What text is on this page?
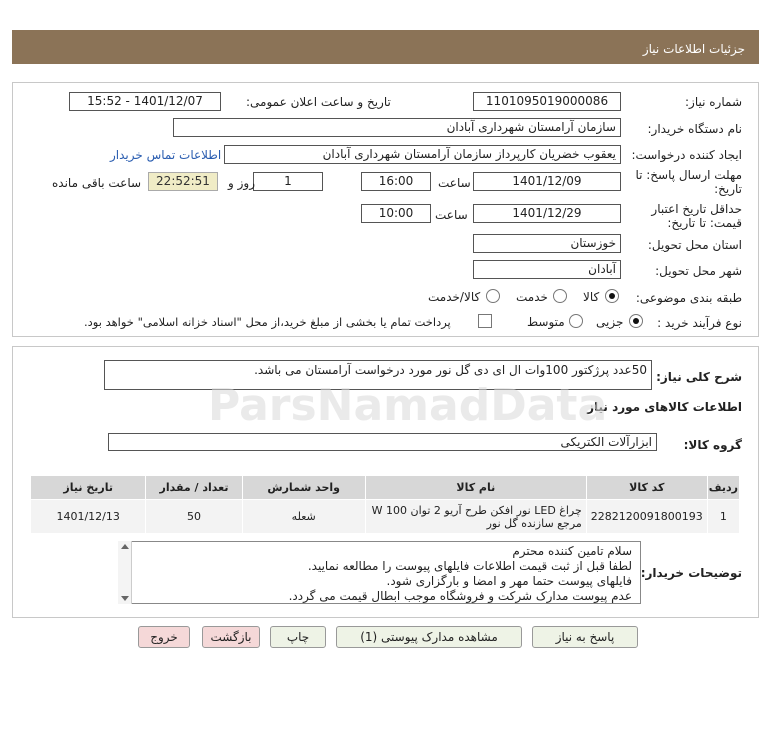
جزئیات اطلاعات نیاز
شماره نیاز:
1101095019000086
تاریخ و ساعت اعلان عمومی:
1401/12/07 - 15:52
نام دستگاه خریدار:
سازمان آرامستان شهرداری آبادان
ایجاد کننده درخواست:
یعقوب خضریان کارپرداز سازمان آرامستان شهرداری آبادان
اطلاعات تماس خریدار
مهلت ارسال پاسخ: تا
تاریخ:
1401/12/09
ساعت
16:00
1
روز و
22:52:51
ساعت باقی مانده
حداقل تاریخ اعتبار
قیمت: تا تاریخ:
1401/12/29
ساعت
10:00
استان محل تحویل:
خوزستان
شهر محل تحویل:
آبادان
طبقه بندی موضوعی:
کالا
خدمت
کالا/خدمت
نوع فرآیند خرید :
جزیی
متوسط
پرداخت تمام یا بخشی از مبلغ خرید،از محل "اسناد خزانه اسلامی" خواهد بود.
شرح کلی نیاز:
50عدد پرژکتور 100وات ال ای دی گل نور مورد درخواست آرامستان می باشد.
اطلاعات کالاهای مورد نیاز
گروه کالا:
ابزارآلات الکتریکی
ردیف	کد کالا	نام کالا	واحد شمارش	تعداد / مقدار	تاریخ نیاز
1	2282120091800193	چراغ LED نور افکن طرح آریو 2 توان 100 W مرجع سازنده گل نور	شعله	50	1401/12/13
توضیحات خریدار:
سلام تامین کننده محترم
لطفا قبل از ثبت قیمت اطلاعات فایلهای پیوست را مطالعه نمایید.
فایلهای پیوست حتما مهر و امضا و بارگزاری شود.
عدم پیوست مدارک شرکت و فروشگاه موجب ابطال قیمت می گردد.
پاسخ به نیاز
مشاهده مدارک پیوستی (1)
چاپ
بازگشت
خروج
ParsNamadData
